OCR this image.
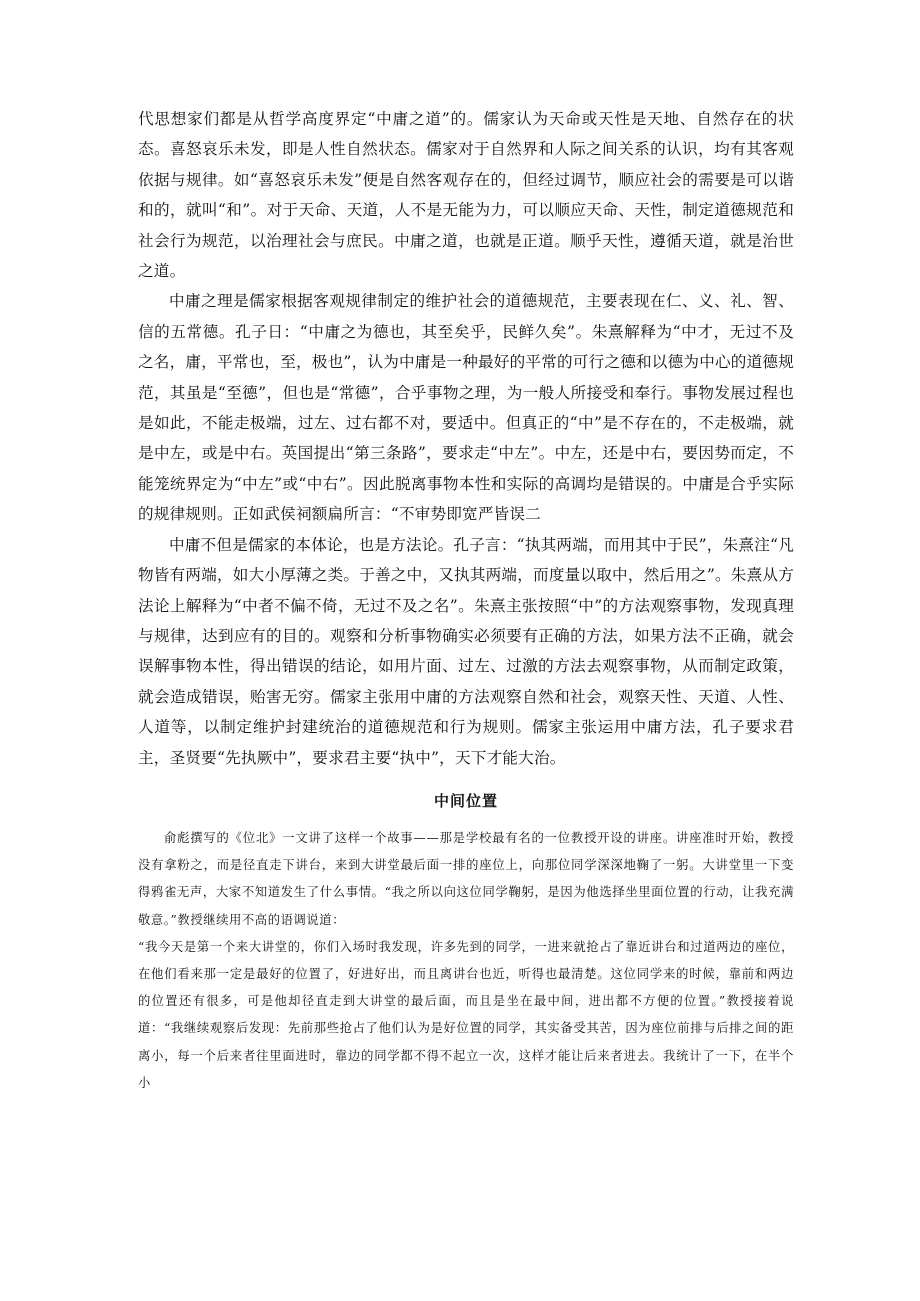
代思想家们都是从哲学高度界定“中庸之道”的。儒家认为天命或天性是天地、自然存在的状态。喜怒哀乐未发，即是人性自然状态。儒家对于自然界和人际之间关系的认识，均有其客观依据与规律。如“喜怒哀乐未发”便是自然客观存在的，但经过调节，顺应社会的需要是可以谐和的，就叫“和”。对于天命、天道，人不是无能为力，可以顺应天命、天性，制定道德规范和社会行为规范，以治理社会与庶民。中庸之道，也就是正道。顺乎天性，遵循天道，就是治世之道。

中庸之理是儒家根据客观规律制定的维护社会的道德规范，主要表现在仁、义、礼、智、信的五常德。孔子日：“中庸之为德也，其至矣乎，民鲜久矣”。朱熹解释为“中才，无过不及之名，庸，平常也，至，极也”，认为中庸是一种最好的平常的可行之德和以德为中心的道德规范，其虽是“至德”，但也是“常德”，合乎事物之理，为一般人所接受和奉行。事物发展过程也是如此，不能走极端，过左、过右都不对，要适中。但真正的“中”是不存在的，不走极端，就是中左，或是中右。英国提出“第三条路”，要求走“中左”。中左，还是中右，要因势而定，不能笼统界定为“中左”或“中右”。因此脱离事物本性和实际的高调均是错误的。中庸是合乎实际的规律规则。正如武侯祠额扁所言：“不审势即宽严皆误二

中庸不但是儒家的本体论，也是方法论。孔子言：“执其两端，而用其中于民”，朱熹注“凡物皆有两端，如大小厚薄之类。于善之中，又执其两端，而度量以取中，然后用之”。朱熹从方法论上解释为“中者不偏不倚，无过不及之名”。朱熹主张按照“中”的方法观察事物，发现真理与规律，达到应有的目的。观察和分析事物确实必须要有正确的方法，如果方法不正确，就会误解事物本性，得出错误的结论，如用片面、过左、过激的方法去观察事物，从而制定政策，就会造成错误，贻害无穷。儒家主张用中庸的方法观察自然和社会，观察天性、天道、人性、人道等，以制定维护封建统治的道德规范和行为规则。儒家主张运用中庸方法，孔子要求君主，圣贤要“先执厥中”，要求君主要“执中”，天下才能大治。

中间位置

俞彪撰写的《位北》一文讲了这样一个故事——那是学校最有名的一位教授开设的讲座。讲座准时开始，教授没有拿粉之，而是径直走下讲台，来到大讲堂最后面一排的座位上，向那位同学深深地鞠了一躬。大讲堂里一下变得鸦雀无声，大家不知道发生了什么事情。“我之所以向这位同学鞠躬，是因为他选择坐里面位置的行动，让我充满敬意。”教授继续用不高的语调说道：

“我今天是第一个来大讲堂的，你们入场时我发现，许多先到的同学，一进来就抢占了靠近讲台和过道两边的座位，在他们看来那一定是最好的位置了，好进好出，而且离讲台也近，听得也最清楚。这位同学来的时候，靠前和两边的位置还有很多，可是他却径直走到大讲堂的最后面，而且是坐在最中间，进出都不方便的位置。”教授接着说道：“我继续观察后发现：先前那些抢占了他们认为是好位置的同学，其实备受其苦，因为座位前排与后排之间的距离小，每一个后来者往里面进时，靠边的同学都不得不起立一次，这样才能让后来者进去。我统计了一下，在半个小
